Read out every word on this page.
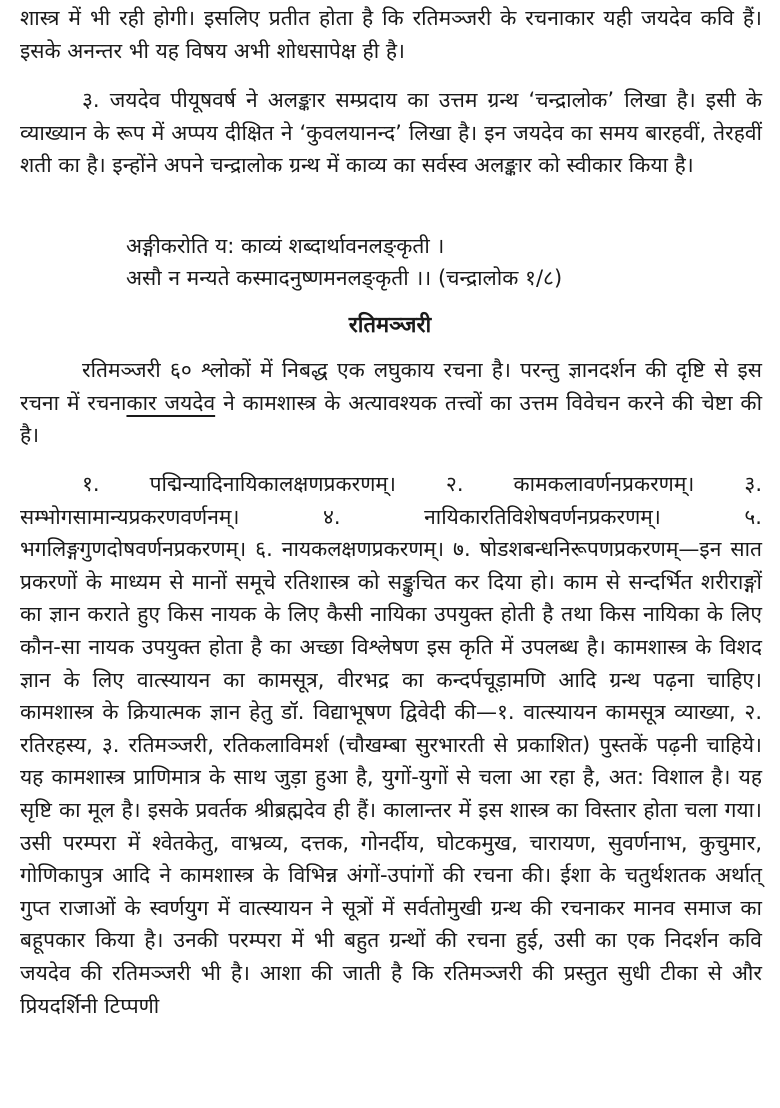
शास्त्र में भी रही होगी। इसलिए प्रतीत होता है कि रतिमञ्जरी के रचनाकार यही जयदेव कवि हैं। इसके अनन्तर भी यह विषय अभी शोधसापेक्ष ही है।

३. जयदेव पीयूषवर्ष ने अलङ्कार सम्प्रदाय का उत्तम ग्रन्थ ‘चन्द्रालोक’ लिखा है। इसी के व्याख्यान के रूप में अप्पय दीक्षित ने ‘कुवलयानन्द’ लिखा है। इन जयदेव का समय बारहवीं, तेरहवीं शती का है। इन्होंने अपने चन्द्रालोक ग्रन्थ में काव्य का सर्वस्व अलङ्कार को स्वीकार किया है।

अङ्गीकरोति य: काव्यं शब्दार्थावनलङ्कृती ।
असौ न मन्यते कस्मादनुष्णमनलङ्कृती ।। (चन्द्रालोक १/८)
रतिमञ्जरी

रतिमञ्जरी ६० श्लोकों में निबद्ध एक लघुकाय रचना है। परन्तु ज्ञानदर्शन की दृष्टि से इस रचना में रचनाकार जयदेव ने कामशास्त्र के अत्यावश्यक तत्त्वों का उत्तम विवेचन करने की चेष्टा की है।

१. पद्मिन्यादिनायिकालक्षणप्रकरणम्। २. कामकलावर्णनप्रकरणम्। ३. सम्भोगसामान्यप्रकरणवर्णनम्। ४. नायिकारतिविशेषवर्णनप्रकरणम्। ५. भगलिङ्गगुणदोषवर्णनप्रकरणम्। ६. नायकलक्षणप्रकरणम्। ७. षोडशबन्धनिरूपणप्रकरणम्—इन सात प्रकरणों के माध्यम से मानों समूचे रतिशास्त्र को सङ्कुचित कर दिया हो। काम से सन्दर्भित शरीराङ्गों का ज्ञान कराते हुए किस नायक के लिए कैसी नायिका उपयुक्त होती है तथा किस नायिका के लिए कौन-सा नायक उपयुक्त होता है का अच्छा विश्लेषण इस कृति में उपलब्ध है। कामशास्त्र के विशद ज्ञान के लिए वात्स्यायन का कामसूत्र, वीरभद्र का कन्दर्पचूड़ामणि आदि ग्रन्थ पढ़ना चाहिए। कामशास्त्र के क्रियात्मक ज्ञान हेतु डॉ. विद्याभूषण द्विवेदी की—१. वात्स्यायन कामसूत्र व्याख्या, २. रतिरहस्य, ३. रतिमञ्जरी, रतिकलाविमर्श (चौखम्बा सुरभारती से प्रकाशित) पुस्तकें पढ़नी चाहिये। यह कामशास्त्र प्राणिमात्र के साथ जुड़ा हुआ है, युगों-युगों से चला आ रहा है, अत: विशाल है। यह सृष्टि का मूल है। इसके प्रवर्तक श्रीब्रह्मदेव ही हैं। कालान्तर में इस शास्त्र का विस्तार होता चला गया। उसी परम्परा में श्वेतकेतु, वाभ्रव्य, दत्तक, गोनर्दीय, घोटकमुख, चारायण, सुवर्णनाभ, कुचुमार, गोणिकापुत्र आदि ने कामशास्त्र के विभिन्न अंगों-उपांगों की रचना की। ईशा के चतुर्थशतक अर्थात् गुप्त राजाओं के स्वर्णयुग में वात्स्यायन ने सूत्रों में सर्वतोमुखी ग्रन्थ की रचनाकर मानव समाज का बहूपकार किया है। उनकी परम्परा में भी बहुत ग्रन्थों की रचना हुई, उसी का एक निदर्शन कवि जयदेव की रतिमञ्जरी भी है। आशा की जाती है कि रतिमञ्जरी की प्रस्तुत सुधी टीका से और प्रियदर्शिनी टिप्पणी
